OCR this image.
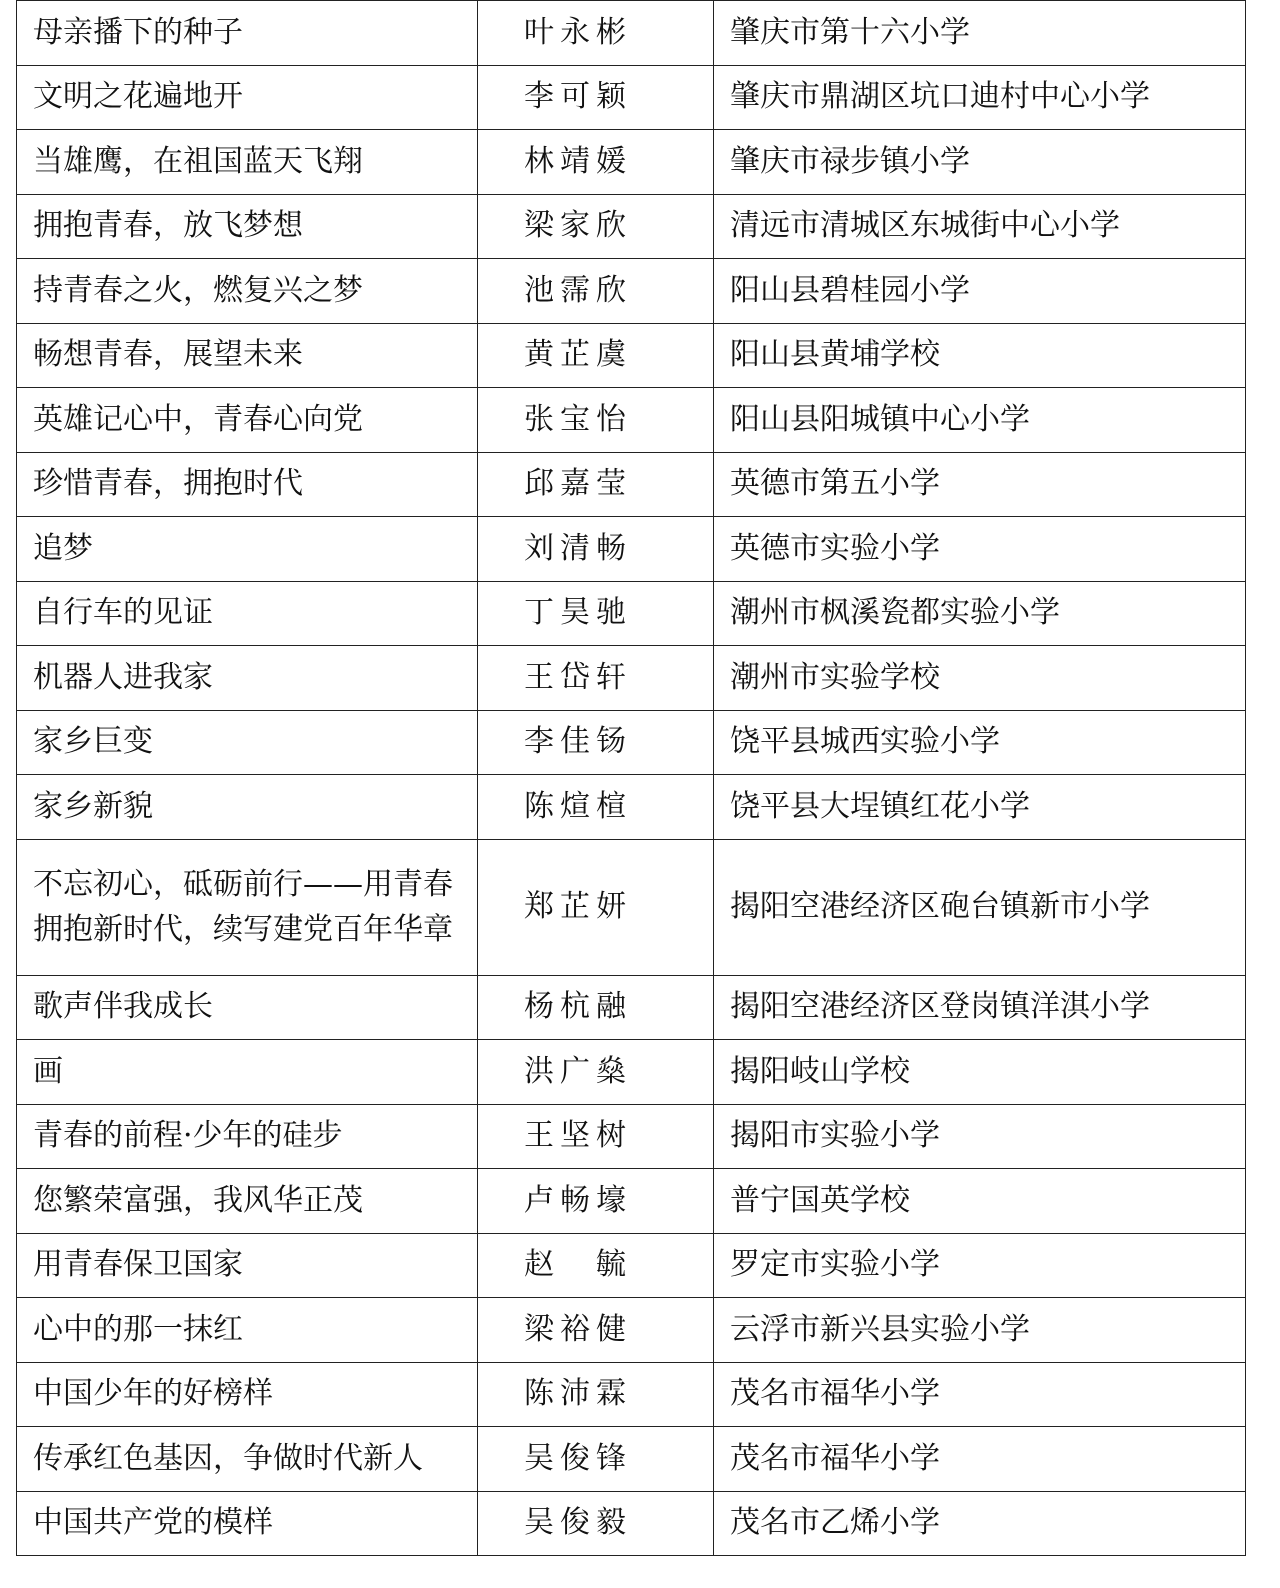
母亲播下的种子	叶永彬	肇庆市第十六小学
文明之花遍地开	李可颖	肇庆市鼎湖区坑口迪村中心小学
当雄鹰，在祖国蓝天飞翔	林靖媛	肇庆市禄步镇小学
拥抱青春，放飞梦想	梁家欣	清远市清城区东城街中心小学
持青春之火，燃复兴之梦	池霈欣	阳山县碧桂园小学
畅想青春，展望未来	黄芷虞	阳山县黄埔学校
英雄记心中，青春心向党	张宝怡	阳山县阳城镇中心小学
珍惜青春，拥抱时代	邱嘉莹	英德市第五小学
追梦	刘清畅	英德市实验小学
自行车的见证	丁昊驰	潮州市枫溪瓷都实验小学
机器人进我家	王岱轩	潮州市实验学校
家乡巨变	李佳钖	饶平县城西实验小学
家乡新貌	陈煊楦	饶平县大埕镇红花小学
不忘初心，砥砺前行——用青春拥抱新时代，续写建党百年华章	郑芷妍	揭阳空港经济区砲台镇新市小学
歌声伴我成长	杨杭融	揭阳空港经济区登岗镇洋淇小学
画	洪广燊	揭阳岐山学校
青春的前程·少年的硅步	王坚树	揭阳市实验小学
您繁荣富强，我风华正茂	卢畅壕	普宁国英学校
用青春保卫国家	赵　毓	罗定市实验小学
心中的那一抹红	梁裕健	云浮市新兴县实验小学
中国少年的好榜样	陈沛霖	茂名市福华小学
传承红色基因，争做时代新人	吴俊锋	茂名市福华小学
中国共产党的模样	吴俊毅	茂名市乙烯小学
